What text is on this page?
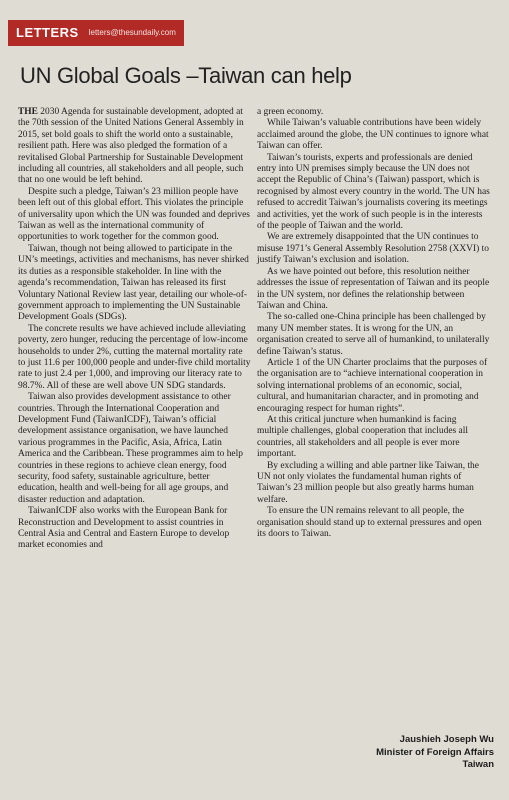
LETTERS	letters@thesundaily.com
UN Global Goals –Taiwan can help

THE 2030 Agenda for sustainable development, adopted at the 70th session of the United Nations General Assembly in 2015, set bold goals to shift the world onto a sustainable, resilient path. Here was also pledged the formation of a revitalised Global Partnership for Sustainable Development including all countries, all stakeholders and all people, such that no one would be left behind.

Despite such a pledge, Taiwan’s 23 million people have been left out of this global effort. This violates the principle of universality upon which the UN was founded and deprives Taiwan as well as the international community of opportunities to work together for the common good.

Taiwan, though not being allowed to participate in the UN’s meetings, activities and mechanisms, has never shirked its duties as a responsible stakeholder. In line with the agenda’s recommendation, Taiwan has released its first Voluntary National Review last year, detailing our whole-of-government approach to implementing the UN Sustainable Development Goals (SDGs).

The concrete results we have achieved include alleviating poverty, zero hunger, reducing the percentage of low-income households to under 2%, cutting the maternal mortality rate to just 11.6 per 100,000 people and under-five child mortality rate to just 2.4 per 1,000, and improving our literacy rate to 98.7%. All of these are well above UN SDG standards.

Taiwan also provides development assistance to other countries. Through the International Cooperation and Development Fund (TaiwanICDF), Taiwan’s official development assistance organisation, we have launched various programmes in the Pacific, Asia, Africa, Latin America and the Caribbean. These programmes aim to help countries in these regions to achieve clean energy, food security, food safety, sustainable agriculture, better education, health and well-being for all age groups, and disaster reduction and adaptation.

TaiwanICDF also works with the European Bank for Reconstruction and Development to assist countries in Central Asia and Central and Eastern Europe to develop market economies and

a green economy.

While Taiwan’s valuable contributions have been widely acclaimed around the globe, the UN continues to ignore what Taiwan can offer.

Taiwan’s tourists, experts and professionals are denied entry into UN premises simply because the UN does not accept the Republic of China’s (Taiwan) passport, which is recognised by almost every country in the world. The UN has refused to accredit Taiwan’s journalists covering its meetings and activities, yet the work of such people is in the interests of the people of Taiwan and the world.

We are extremely disappointed that the UN continues to misuse 1971’s General Assembly Resolution 2758 (XXVI) to justify Taiwan’s exclusion and isolation.

As we have pointed out before, this resolution neither addresses the issue of representation of Taiwan and its people in the UN system, nor defines the relationship between Taiwan and China.

The so-called one-China principle has been challenged by many UN member states. It is wrong for the UN, an organisation created to serve all of humankind, to unilaterally define Taiwan’s status.

Article 1 of the UN Charter proclaims that the purposes of the organisation are to “achieve international cooperation in solving international problems of an economic, social, cultural, and humanitarian character, and in promoting and encouraging respect for human rights”.

At this critical juncture when humankind is facing multiple challenges, global cooperation that includes all countries, all stakeholders and all people is ever more important.

By excluding a willing and able partner like Taiwan, the UN not only violates the fundamental human rights of Taiwan’s 23 million people but also greatly harms human welfare.

To ensure the UN remains relevant to all people, the organisation should stand up to external pressures and open its doors to Taiwan.

Jaushieh Joseph Wu
Minister of Foreign Affairs
Taiwan
